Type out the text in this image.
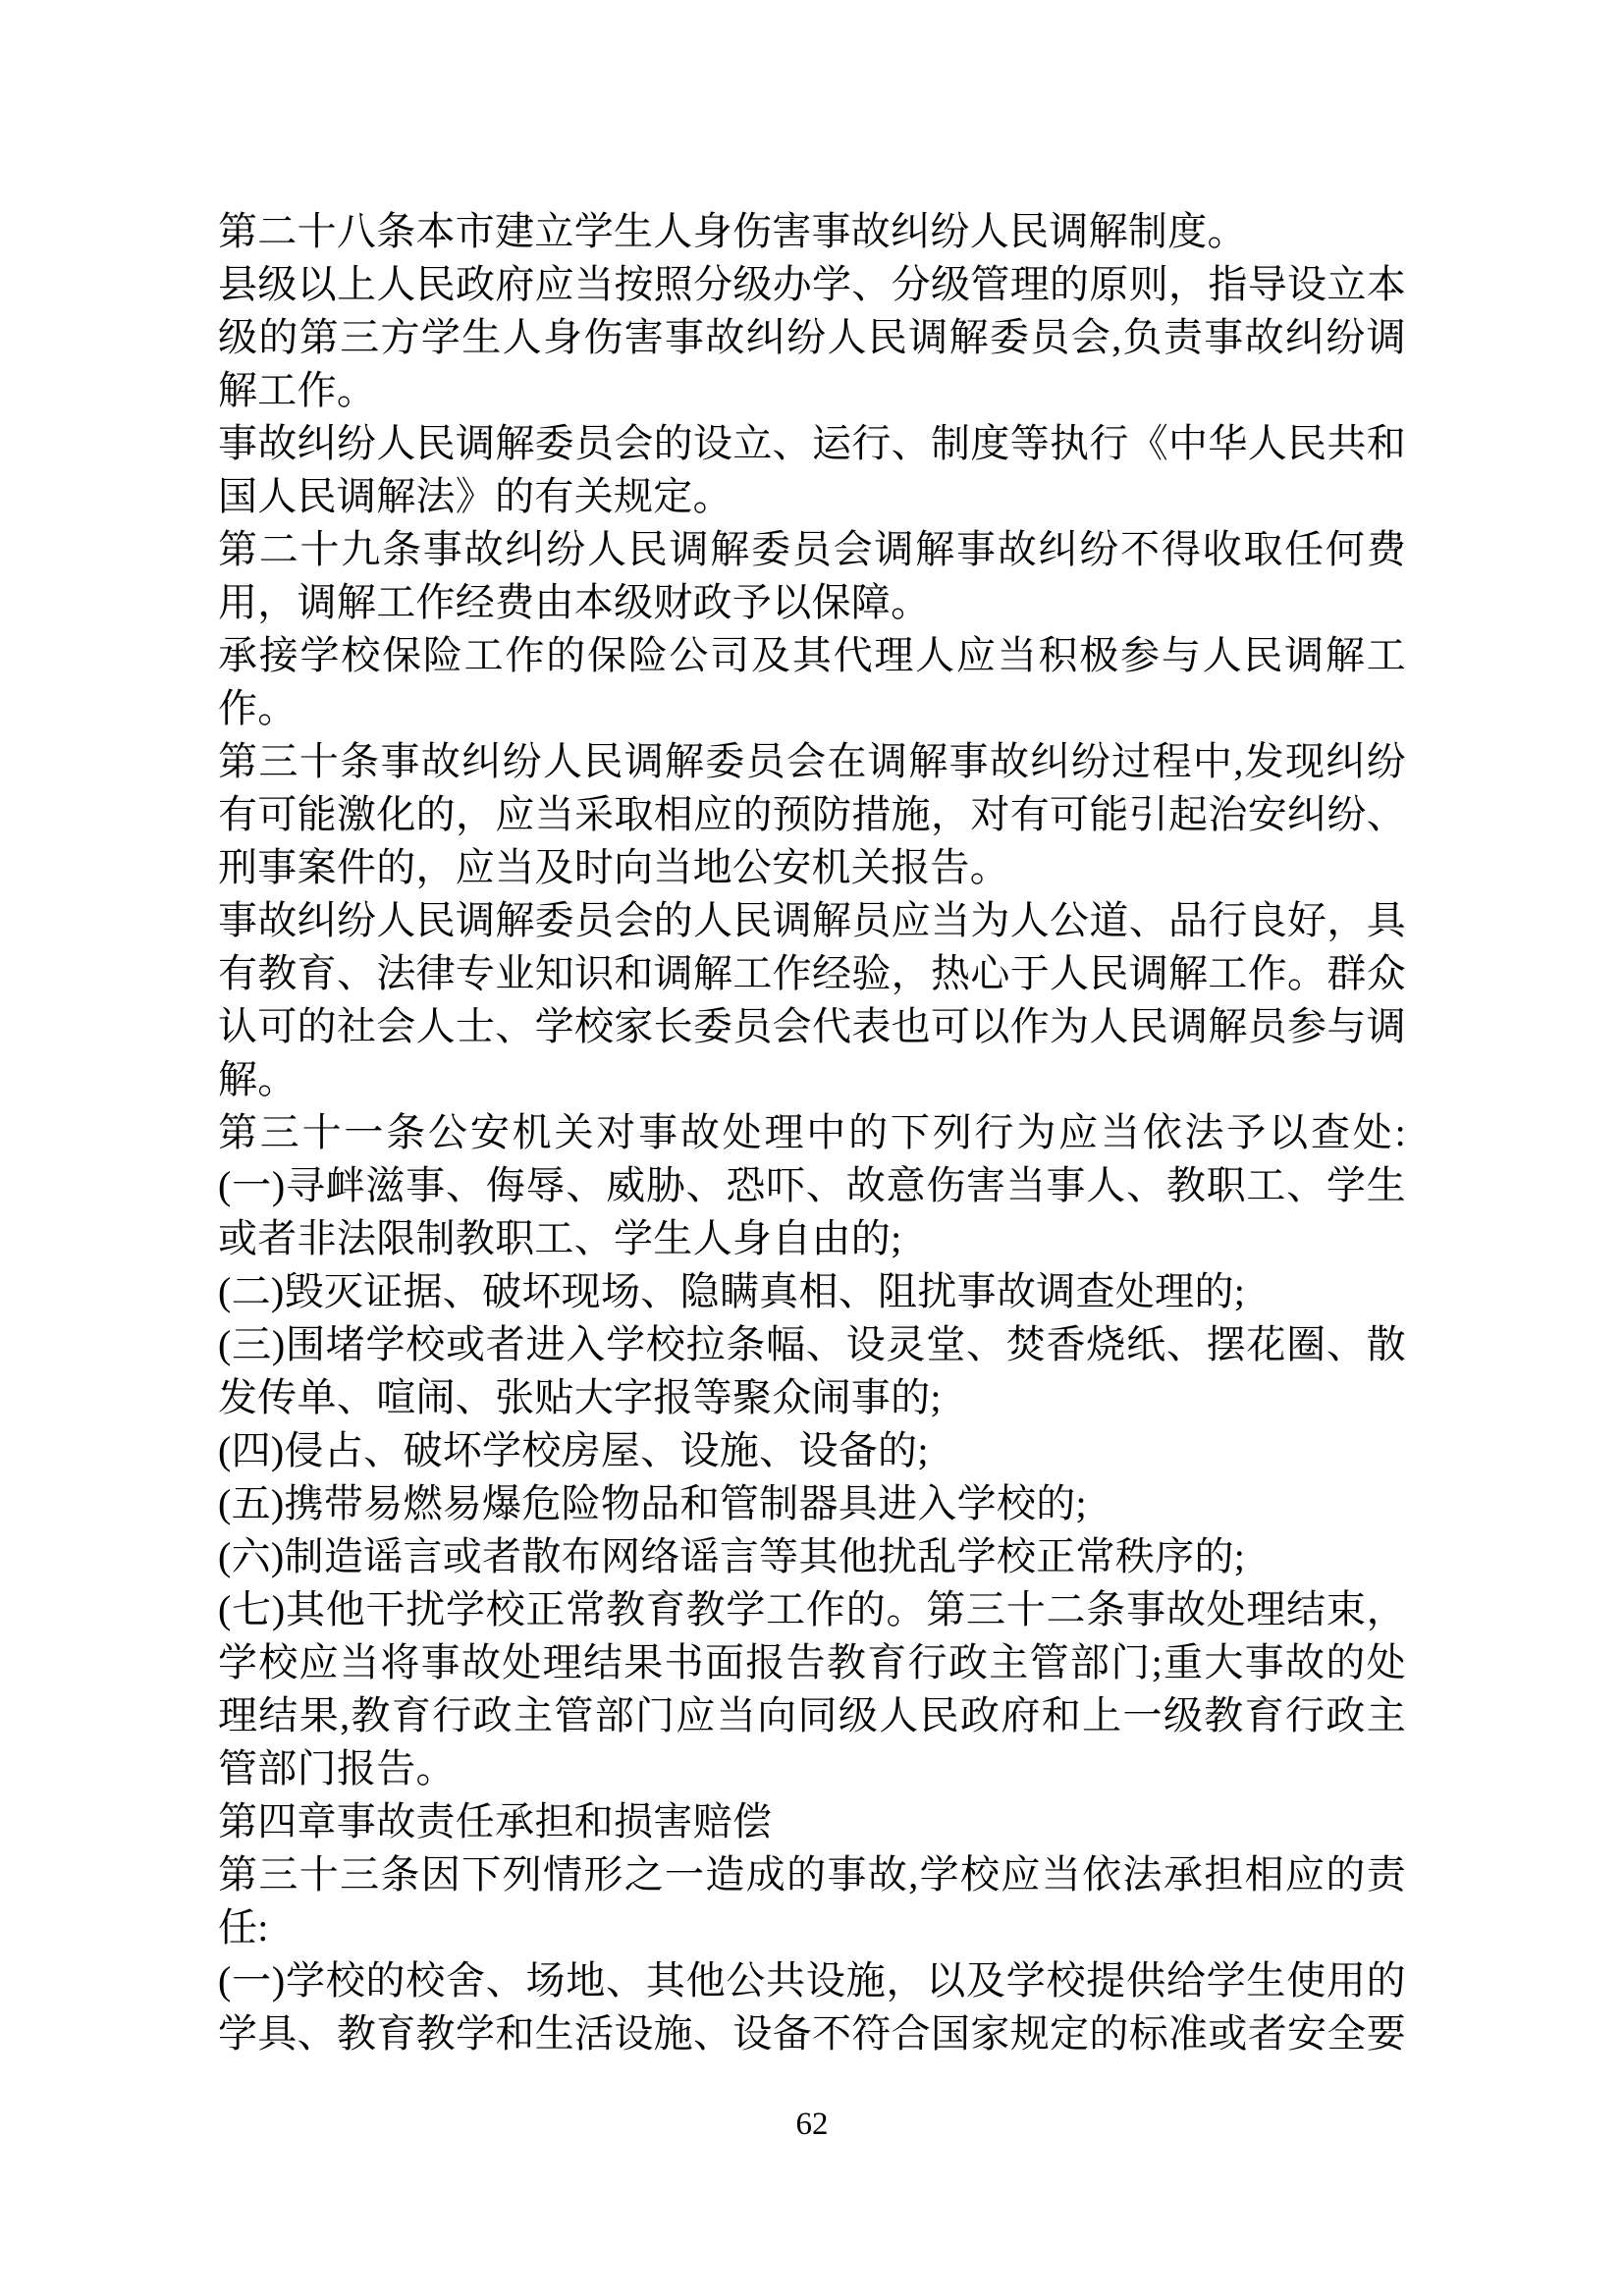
第二十八条本市建立学生人身伤害事故纠纷人民调解制度。
县级以上人民政府应当按照分级办学、分级管理的原则，指导设立本
级的第三方学生人身伤害事故纠纷人民调解委员会,负责事故纠纷调
解工作。
事故纠纷人民调解委员会的设立、运行、制度等执行《中华人民共和
国人民调解法》的有关规定。
第二十九条事故纠纷人民调解委员会调解事故纠纷不得收取任何费
用，调解工作经费由本级财政予以保障。
承接学校保险工作的保险公司及其代理人应当积极参与人民调解工
作。
第三十条事故纠纷人民调解委员会在调解事故纠纷过程中,发现纠纷
有可能激化的，应当采取相应的预防措施，对有可能引起治安纠纷、
刑事案件的，应当及时向当地公安机关报告。
事故纠纷人民调解委员会的人民调解员应当为人公道、品行良好，具
有教育、法律专业知识和调解工作经验，热心于人民调解工作。群众
认可的社会人士、学校家长委员会代表也可以作为人民调解员参与调
解。
第三十一条公安机关对事故处理中的下列行为应当依法予以查处:
(一)寻衅滋事、侮辱、威胁、恐吓、故意伤害当事人、教职工、学生
或者非法限制教职工、学生人身自由的;
(二)毁灭证据、破坏现场、隐瞒真相、阻扰事故调查处理的;
(三)围堵学校或者进入学校拉条幅、设灵堂、焚香烧纸、摆花圈、散
发传单、喧闹、张贴大字报等聚众闹事的;
(四)侵占、破坏学校房屋、设施、设备的;
(五)携带易燃易爆危险物品和管制器具进入学校的;
(六)制造谣言或者散布网络谣言等其他扰乱学校正常秩序的;
(七)其他干扰学校正常教育教学工作的。第三十二条事故处理结束，
学校应当将事故处理结果书面报告教育行政主管部门;重大事故的处
理结果,教育行政主管部门应当向同级人民政府和上一级教育行政主
管部门报告。
第四章事故责任承担和损害赔偿
第三十三条因下列情形之一造成的事故,学校应当依法承担相应的责
任:
(一)学校的校舍、场地、其他公共设施，以及学校提供给学生使用的
学具、教育教学和生活设施、设备不符合国家规定的标准或者安全要
62
